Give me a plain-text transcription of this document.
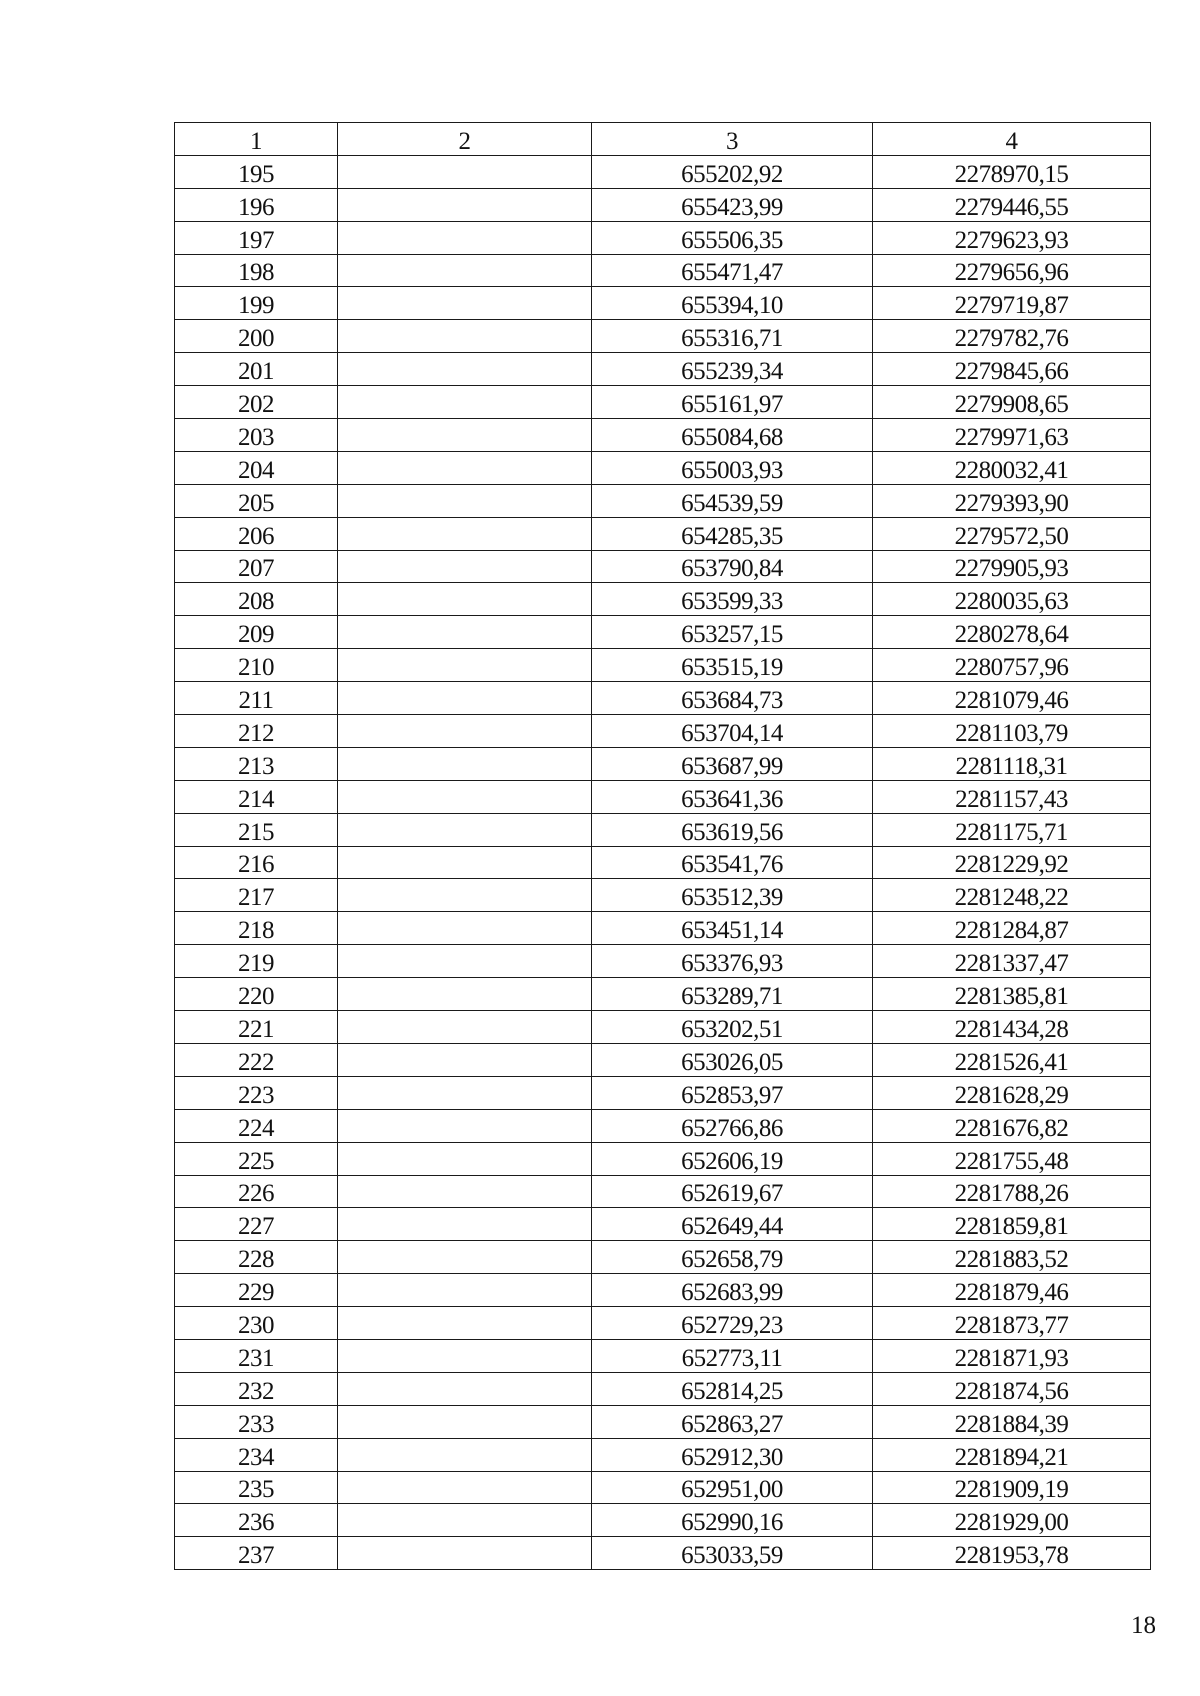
1	2	3	4
195		655202,92	2278970,15
196		655423,99	2279446,55
197		655506,35	2279623,93
198		655471,47	2279656,96
199		655394,10	2279719,87
200		655316,71	2279782,76
201		655239,34	2279845,66
202		655161,97	2279908,65
203		655084,68	2279971,63
204		655003,93	2280032,41
205		654539,59	2279393,90
206		654285,35	2279572,50
207		653790,84	2279905,93
208		653599,33	2280035,63
209		653257,15	2280278,64
210		653515,19	2280757,96
211		653684,73	2281079,46
212		653704,14	2281103,79
213		653687,99	2281118,31
214		653641,36	2281157,43
215		653619,56	2281175,71
216		653541,76	2281229,92
217		653512,39	2281248,22
218		653451,14	2281284,87
219		653376,93	2281337,47
220		653289,71	2281385,81
221		653202,51	2281434,28
222		653026,05	2281526,41
223		652853,97	2281628,29
224		652766,86	2281676,82
225		652606,19	2281755,48
226		652619,67	2281788,26
227		652649,44	2281859,81
228		652658,79	2281883,52
229		652683,99	2281879,46
230		652729,23	2281873,77
231		652773,11	2281871,93
232		652814,25	2281874,56
233		652863,27	2281884,39
234		652912,30	2281894,21
235		652951,00	2281909,19
236		652990,16	2281929,00
237		653033,59	2281953,78
18
